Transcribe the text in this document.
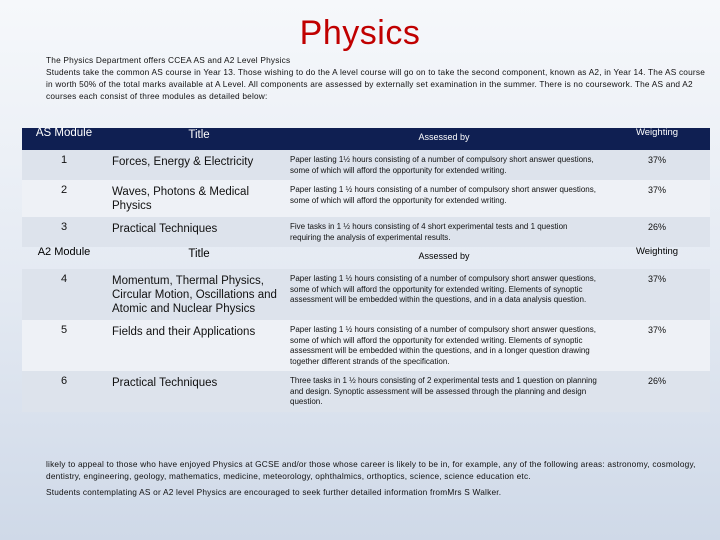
Physics
The Physics Department offers CCEA AS and A2 Level Physics
Students take the common AS course in Year 13. Those wishing to do the A level course will go on to take the second component, known as A2, in Year 14. The AS course in worth 50% of the total marks available at A Level. All components are assessed by externally set examination in the summer. There is no coursework. The AS and A2 courses each consist of three modules as detailed below:
AS Module	Title	Assessed by	Weighting
1	Forces, Energy & Electricity	Paper lasting 1½ hours consisting of a number of compulsory short answer questions, some of which will afford the opportunity for extended writing.	37%
2	Waves, Photons & Medical Physics	Paper lasting 1 ½ hours consisting of a number of compulsory short answer questions, some of which will afford the opportunity for extended writing.	37%
3	Practical Techniques	Five tasks in 1 ½ hours consisting of 4 short experimental tests and 1 question requiring the analysis of experimental results.	26%
A2 Module	Title	Assessed by	Weighting
4	Momentum, Thermal Physics, Circular Motion, Oscillations and Atomic and Nuclear Physics	Paper lasting 1 ½ hours consisting of a number of compulsory short answer questions, some of which will afford the opportunity for extended writing. Elements of synoptic assessment will be embedded within the questions, and in a data analysis question.	37%
5	Fields and their Applications	Paper lasting 1 ½ hours consisting of a number of compulsory short answer questions, some of which will afford the opportunity for extended writing. Elements of synoptic assessment will be embedded within the questions, and in a longer question drawing together different strands of the specification.	37%
6	Practical Techniques	Three tasks in 1 ½ hours consisting of 2 experimental tests and 1 question on planning and design. Synoptic assessment will be assessed through the planning and design question.	26%

likely to appeal to those who have enjoyed Physics at GCSE and/or those whose career is likely to be in, for example, any of the following areas: astronomy, cosmology, dentistry, engineering, geology, mathematics, medicine, meteorology, ophthalmics, orthoptics, science, science education etc.

Students contemplating AS or A2 level Physics are encouraged to seek further detailed information fromMrs S Walker.
